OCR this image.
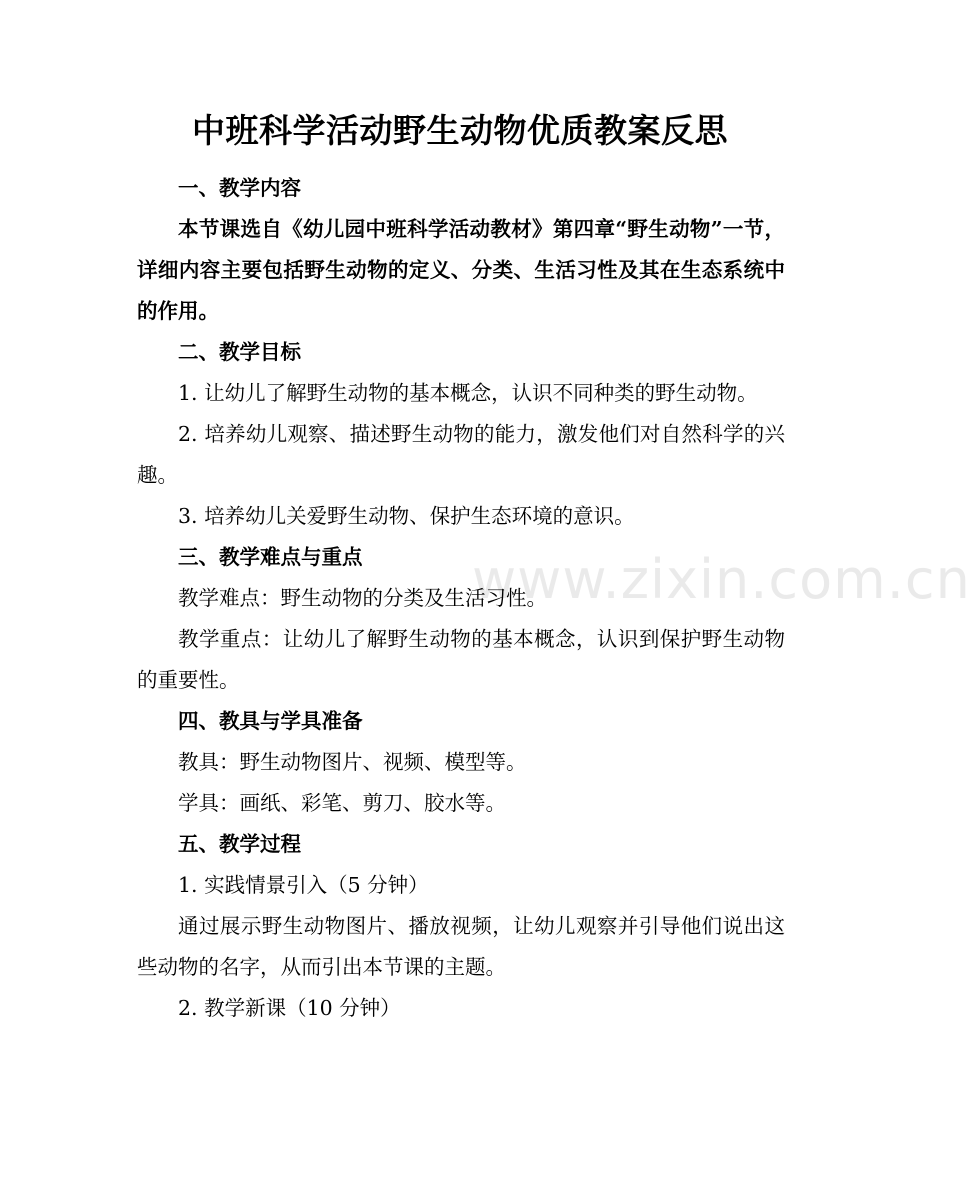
www.zixin.com.cn
中班科学活动野生动物优质教案反思

一、教学内容

本节课选自《幼儿园中班科学活动教材》第四章“野生动物”一节，详细内容主要包括野生动物的定义、分类、生活习性及其在生态系统中的作用。

二、教学目标

1. 让幼儿了解野生动物的基本概念，认识不同种类的野生动物。

2. 培养幼儿观察、描述野生动物的能力，激发他们对自然科学的兴趣。

3. 培养幼儿关爱野生动物、保护生态环境的意识。

三、教学难点与重点

教学难点：野生动物的分类及生活习性。

教学重点：让幼儿了解野生动物的基本概念，认识到保护野生动物的重要性。

四、教具与学具准备

教具：野生动物图片、视频、模型等。

学具：画纸、彩笔、剪刀、胶水等。

五、教学过程

1. 实践情景引入（5 分钟）

通过展示野生动物图片、播放视频，让幼儿观察并引导他们说出这些动物的名字，从而引出本节课的主题。

2. 教学新课（10 分钟）
